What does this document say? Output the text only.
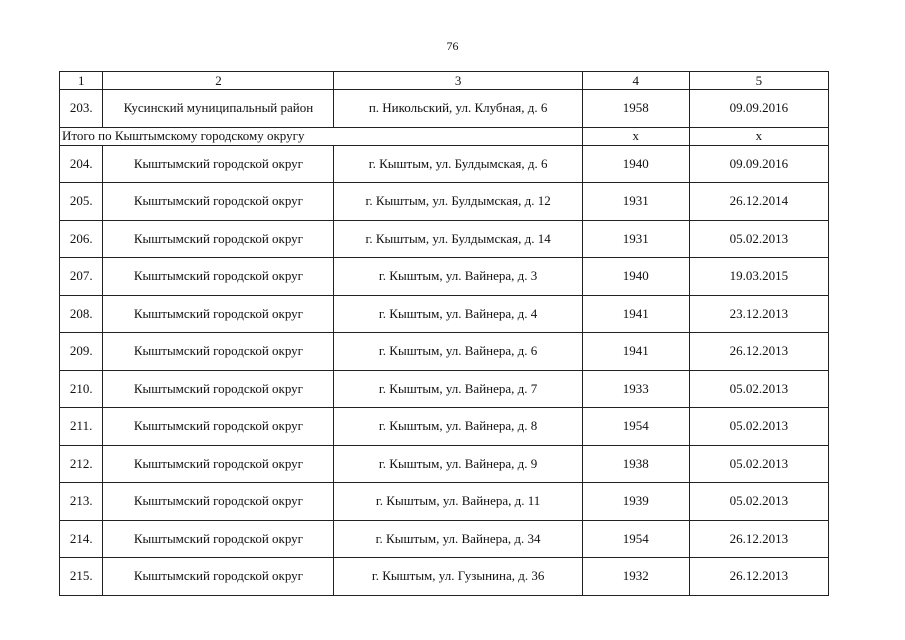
76
1	2	3	4	5
203.	Кусинский муниципальный район	п. Никольский, ул. Клубная, д. 6	1958	09.09.2016
Итого по Кыштымскому городскому округу			x	x
204.	Кыштымский городской округ	г. Кыштым, ул. Булдымская, д. 6	1940	09.09.2016
205.	Кыштымский городской округ	г. Кыштым, ул. Булдымская, д. 12	1931	26.12.2014
206.	Кыштымский городской округ	г. Кыштым, ул. Булдымская, д. 14	1931	05.02.2013
207.	Кыштымский городской округ	г. Кыштым, ул. Вайнера, д. 3	1940	19.03.2015
208.	Кыштымский городской округ	г. Кыштым, ул. Вайнера, д. 4	1941	23.12.2013
209.	Кыштымский городской округ	г. Кыштым, ул. Вайнера, д. 6	1941	26.12.2013
210.	Кыштымский городской округ	г. Кыштым, ул. Вайнера, д. 7	1933	05.02.2013
211.	Кыштымский городской округ	г. Кыштым, ул. Вайнера, д. 8	1954	05.02.2013
212.	Кыштымский городской округ	г. Кыштым, ул. Вайнера, д. 9	1938	05.02.2013
213.	Кыштымский городской округ	г. Кыштым, ул. Вайнера, д. 11	1939	05.02.2013
214.	Кыштымский городской округ	г. Кыштым, ул. Вайнера, д. 34	1954	26.12.2013
215.	Кыштымский городской округ	г. Кыштым, ул. Гузынина, д. 36	1932	26.12.2013
